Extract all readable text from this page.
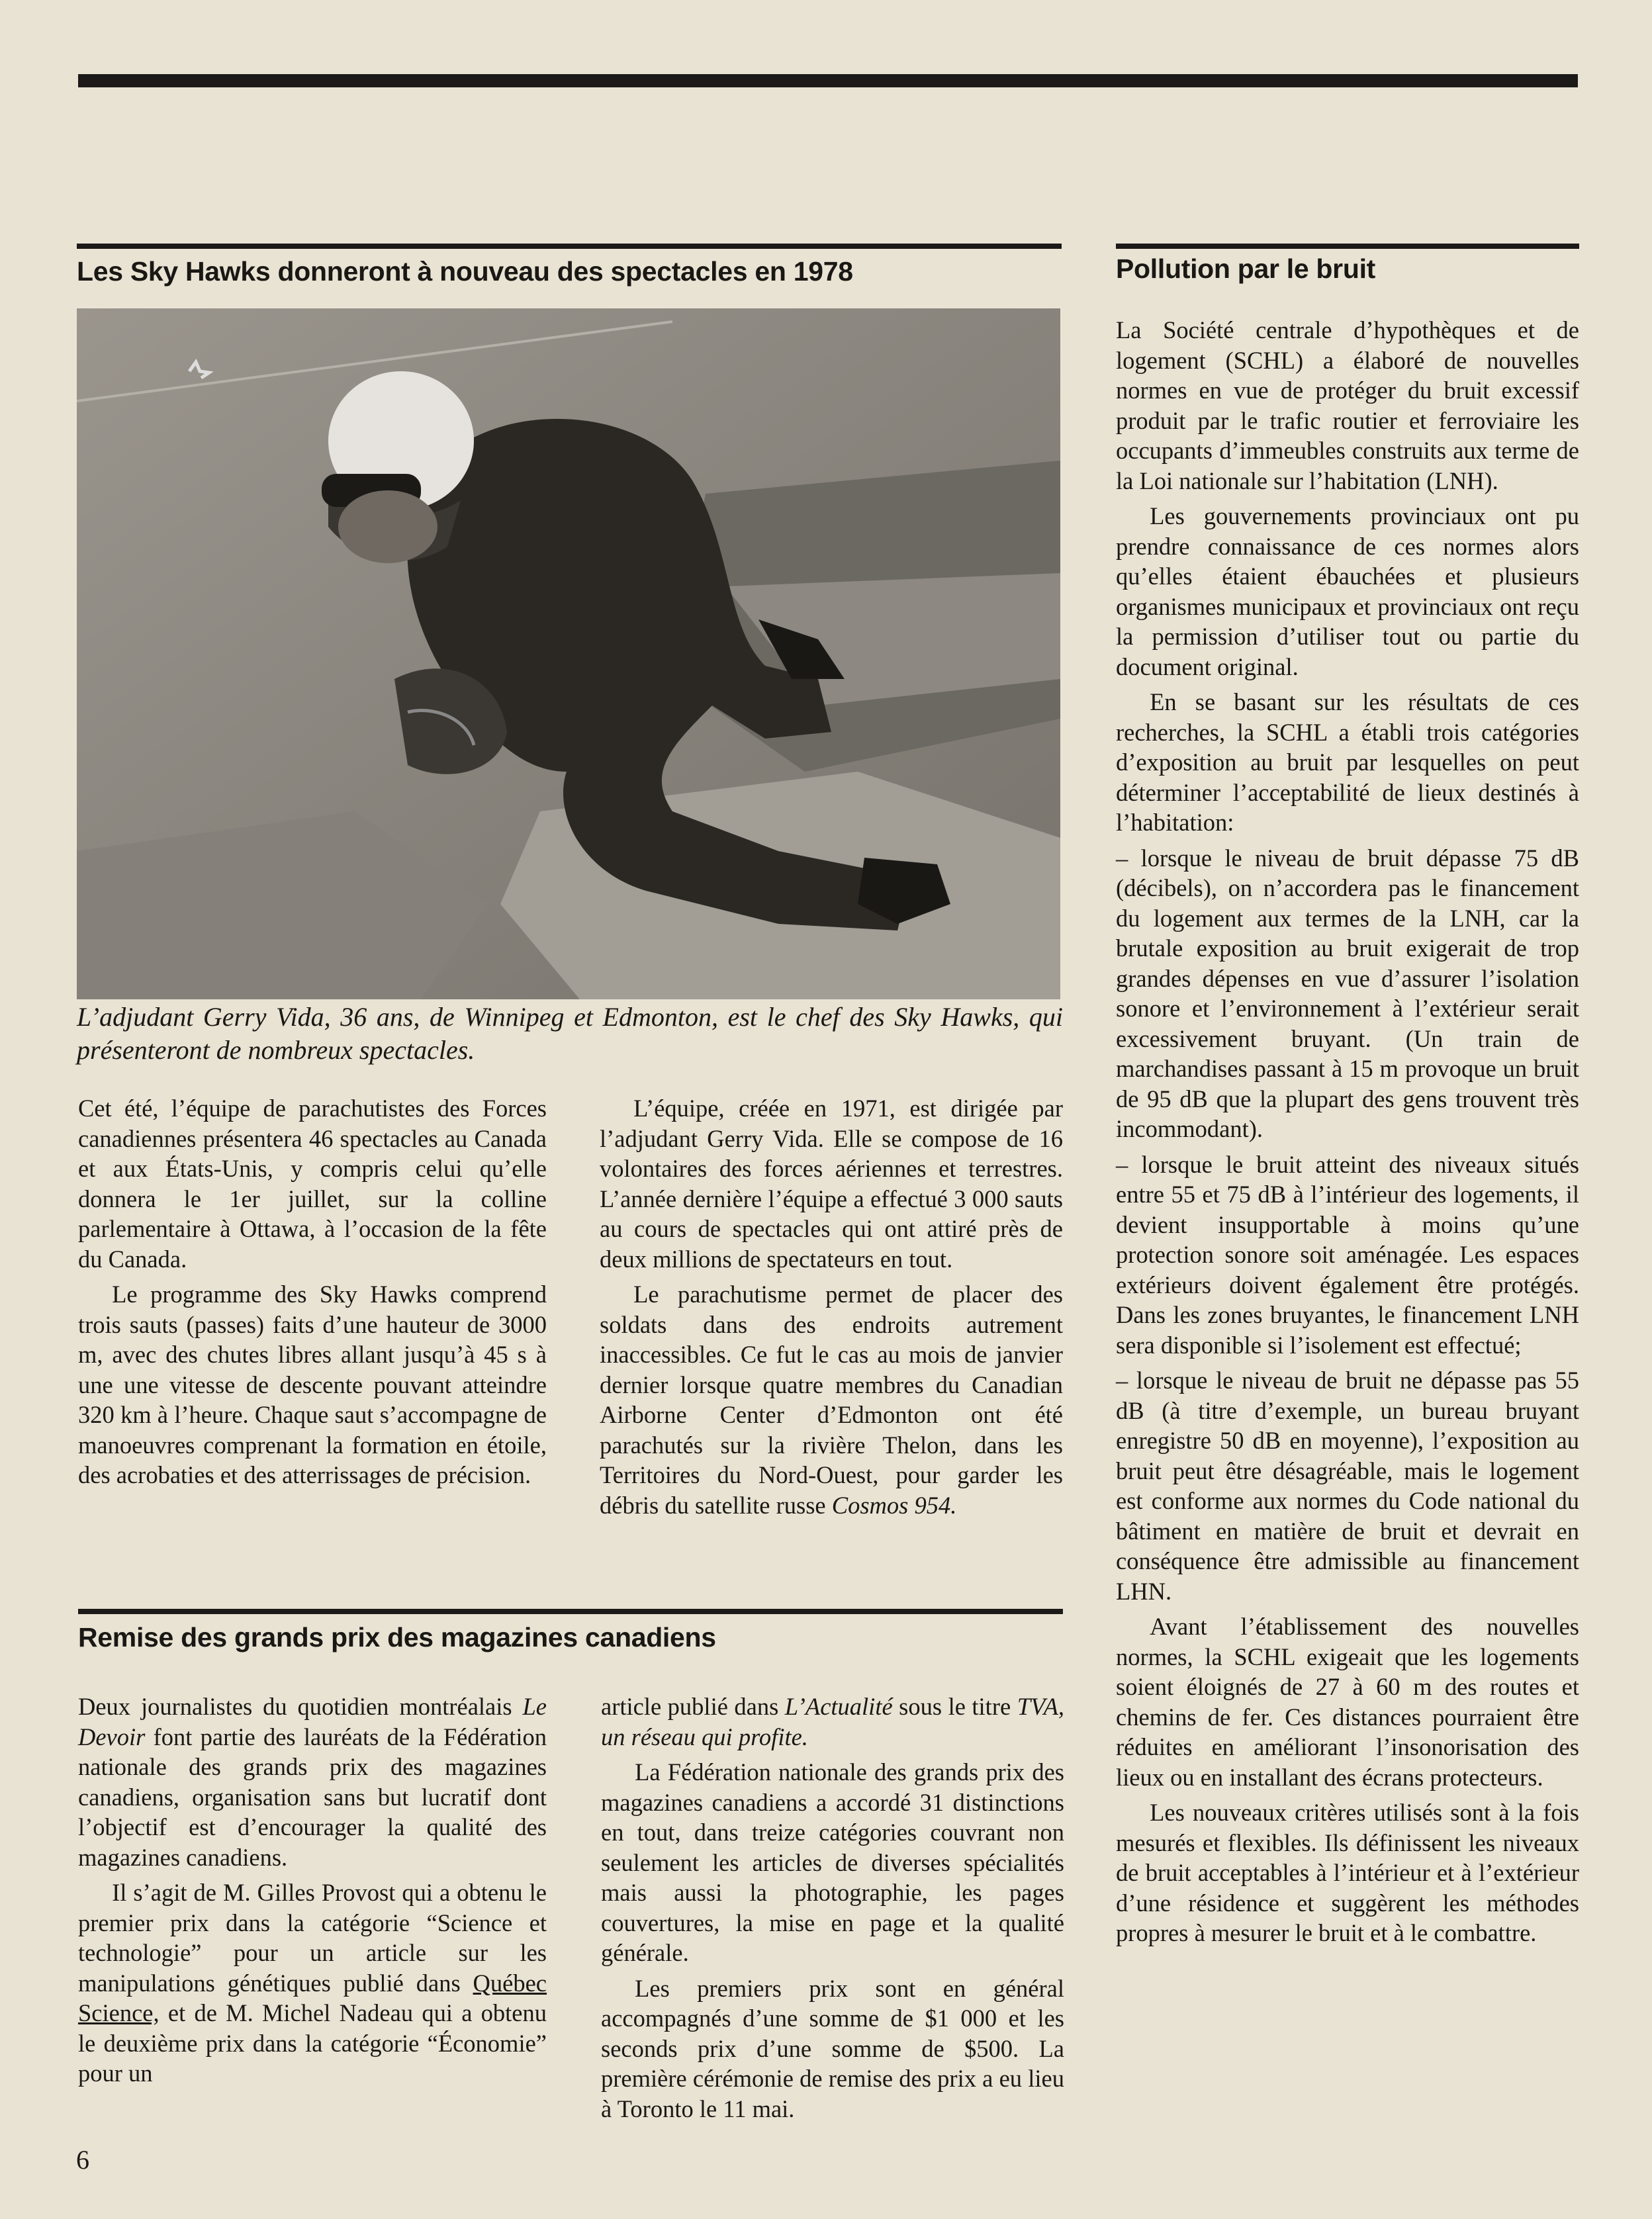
Les Sky Hawks donneront à nouveau des spectacles en 1978

L’adjudant Gerry Vida, 36 ans, de Winnipeg et Edmonton, est le chef des Sky Hawks, qui présenteront de nombreux spectacles.

Cet été, l’équipe de parachutistes des Forces canadiennes présentera 46 spectacles au Canada et aux États-Unis, y compris celui qu’elle donnera le 1er juillet, sur la colline parlementaire à Ottawa, à l’occasion de la fête du Canada.

Le programme des Sky Hawks comprend trois sauts (passes) faits d’une hauteur de 3000 m, avec des chutes libres allant jusqu’à 45 s à une une vitesse de descente pouvant atteindre 320 km à l’heure. Chaque saut s’accompagne de manoeuvres comprenant la formation en étoile, des acrobaties et des atterrissages de précision.

L’équipe, créée en 1971, est dirigée par l’adjudant Gerry Vida. Elle se compose de 16 volontaires des forces aériennes et terrestres. L’année dernière l’équipe a effectué 3 000 sauts au cours de spectacles qui ont attiré près de deux millions de spectateurs en tout.

Le parachutisme permet de placer des soldats dans des endroits autrement inaccessibles. Ce fut le cas au mois de janvier dernier lorsque quatre membres du Canadian Airborne Center d’Edmonton ont été parachutés sur la rivière Thelon, dans les Territoires du Nord-Ouest, pour garder les débris du satellite russe Cosmos 954.

Remise des grands prix des magazines canadiens

Deux journalistes du quotidien montréalais Le Devoir font partie des lauréats de la Fédération nationale des grands prix des magazines canadiens, organisation sans but lucratif dont l’objectif est d’encourager la qualité des magazines canadiens.

Il s’agit de M. Gilles Provost qui a obtenu le premier prix dans la catégorie “Science et technologie” pour un article sur les manipulations génétiques publié dans Québec Science, et de M. Michel Nadeau qui a obtenu le deuxième prix dans la catégorie “Économie” pour un

article publié dans L’Actualité sous le titre TVA, un réseau qui profite.

La Fédération nationale des grands prix des magazines canadiens a accordé 31 distinctions en tout, dans treize catégories couvrant non seulement les articles de diverses spécialités mais aussi la photographie, les pages couvertures, la mise en page et la qualité générale.

Les premiers prix sont en général accompagnés d’une somme de $1 000 et les seconds prix d’une somme de $500. La première cérémonie de remise des prix a eu lieu à Toronto le 11 mai.

Pollution par le bruit

La Société centrale d’hypothèques et de logement (SCHL) a élaboré de nouvelles normes en vue de protéger du bruit excessif produit par le trafic routier et ferroviaire les occupants d’immeubles construits aux terme de la Loi nationale sur l’habitation (LNH).

Les gouvernements provinciaux ont pu prendre connaissance de ces normes alors qu’elles étaient ébauchées et plusieurs organismes municipaux et provinciaux ont reçu la permission d’utiliser tout ou partie du document original.

En se basant sur les résultats de ces recherches, la SCHL a établi trois catégories d’exposition au bruit par lesquelles on peut déterminer l’acceptabilité de lieux destinés à l’habitation:

– lorsque le niveau de bruit dépasse 75 dB (décibels), on n’accordera pas le financement du logement aux termes de la LNH, car la brutale exposition au bruit exigerait de trop grandes dépenses en vue d’assurer l’isolation sonore et l’environnement à l’extérieur serait excessivement bruyant. (Un train de marchandises passant à 15 m provoque un bruit de 95 dB que la plupart des gens trouvent très incommodant).

– lorsque le bruit atteint des niveaux situés entre 55 et 75 dB à l’intérieur des logements, il devient insupportable à moins qu’une protection sonore soit aménagée. Les espaces extérieurs doivent également être protégés. Dans les zones bruyantes, le financement LNH sera disponible si l’isolement est effectué;

– lorsque le niveau de bruit ne dépasse pas 55 dB (à titre d’exemple, un bureau bruyant enregistre 50 dB en moyenne), l’exposition au bruit peut être désagréable, mais le logement est conforme aux normes du Code national du bâtiment en matière de bruit et devrait en conséquence être admissible au financement LHN.

Avant l’établissement des nouvelles normes, la SCHL exigeait que les logements soient éloignés de 27 à 60 m des routes et chemins de fer. Ces distances pourraient être réduites en améliorant l’insonorisation des lieux ou en installant des écrans protecteurs.

Les nouveaux critères utilisés sont à la fois mesurés et flexibles. Ils définissent les niveaux de bruit acceptables à l’intérieur et à l’extérieur d’une résidence et suggèrent les méthodes propres à mesurer le bruit et à le combattre.

6
